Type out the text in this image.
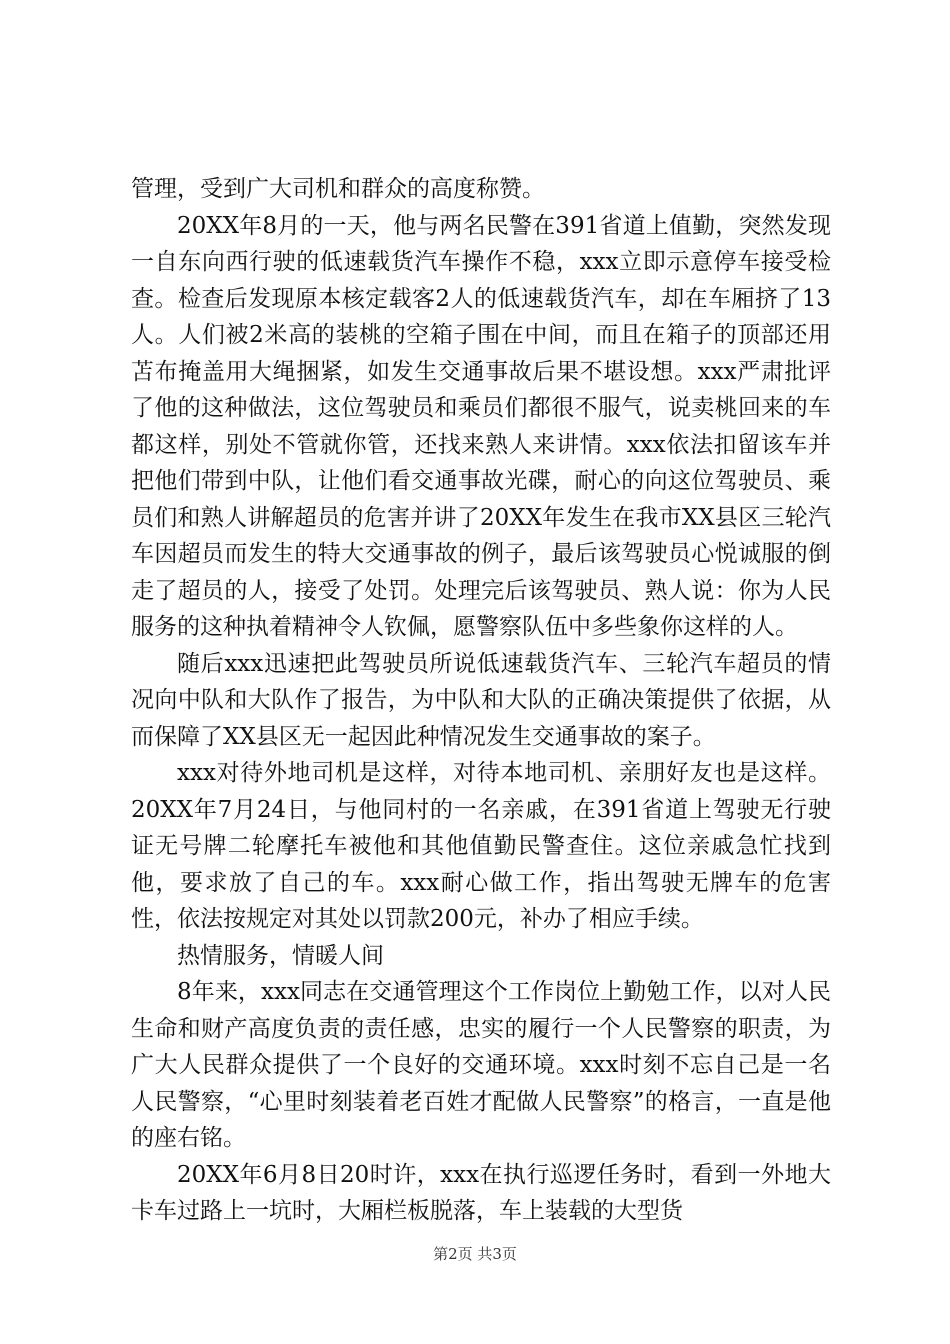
管理，受到广大司机和群众的高度称赞。

20XX年8月的一天，他与两名民警在391省道上值勤，突然发现一自东向西行驶的低速载货汽车操作不稳，xxx立即示意停车接受检查。检查后发现原本核定载客2人的低速载货汽车，却在车厢挤了13人。人们被2米高的装桃的空箱子围在中间，而且在箱子的顶部还用苫布掩盖用大绳捆紧，如发生交通事故后果不堪设想。xxx严肃批评了他的这种做法，这位驾驶员和乘员们都很不服气，说卖桃回来的车都这样，别处不管就你管，还找来熟人来讲情。xxx依法扣留该车并把他们带到中队，让他们看交通事故光碟，耐心的向这位驾驶员、乘员们和熟人讲解超员的危害并讲了20XX年发生在我市XX县区三轮汽车因超员而发生的特大交通事故的例子，最后该驾驶员心悦诚服的倒走了超员的人，接受了处罚。处理完后该驾驶员、熟人说：你为人民服务的这种执着精神令人钦佩，愿警察队伍中多些象你这样的人。

随后xxx迅速把此驾驶员所说低速载货汽车、三轮汽车超员的情况向中队和大队作了报告，为中队和大队的正确决策提供了依据，从而保障了XX县区无一起因此种情况发生交通事故的案子。

xxx对待外地司机是这样，对待本地司机、亲朋好友也是这样。20XX年7月24日，与他同村的一名亲戚，在391省道上驾驶无行驶证无号牌二轮摩托车被他和其他值勤民警查住。这位亲戚急忙找到他，要求放了自己的车。xxx耐心做工作，指出驾驶无牌车的危害性，依法按规定对其处以罚款200元，补办了相应手续。

热情服务，情暖人间

8年来，xxx同志在交通管理这个工作岗位上勤勉工作，以对人民生命和财产高度负责的责任感，忠实的履行一个人民警察的职责，为广大人民群众提供了一个良好的交通环境。xxx时刻不忘自己是一名人民警察，“心里时刻装着老百姓才配做人民警察”的格言，一直是他的座右铭。

20XX年6月8日20时许，xxx在执行巡逻任务时，看到一外地大卡车过路上一坑时，大厢栏板脱落，车上装载的大型货

第2页 共3页
